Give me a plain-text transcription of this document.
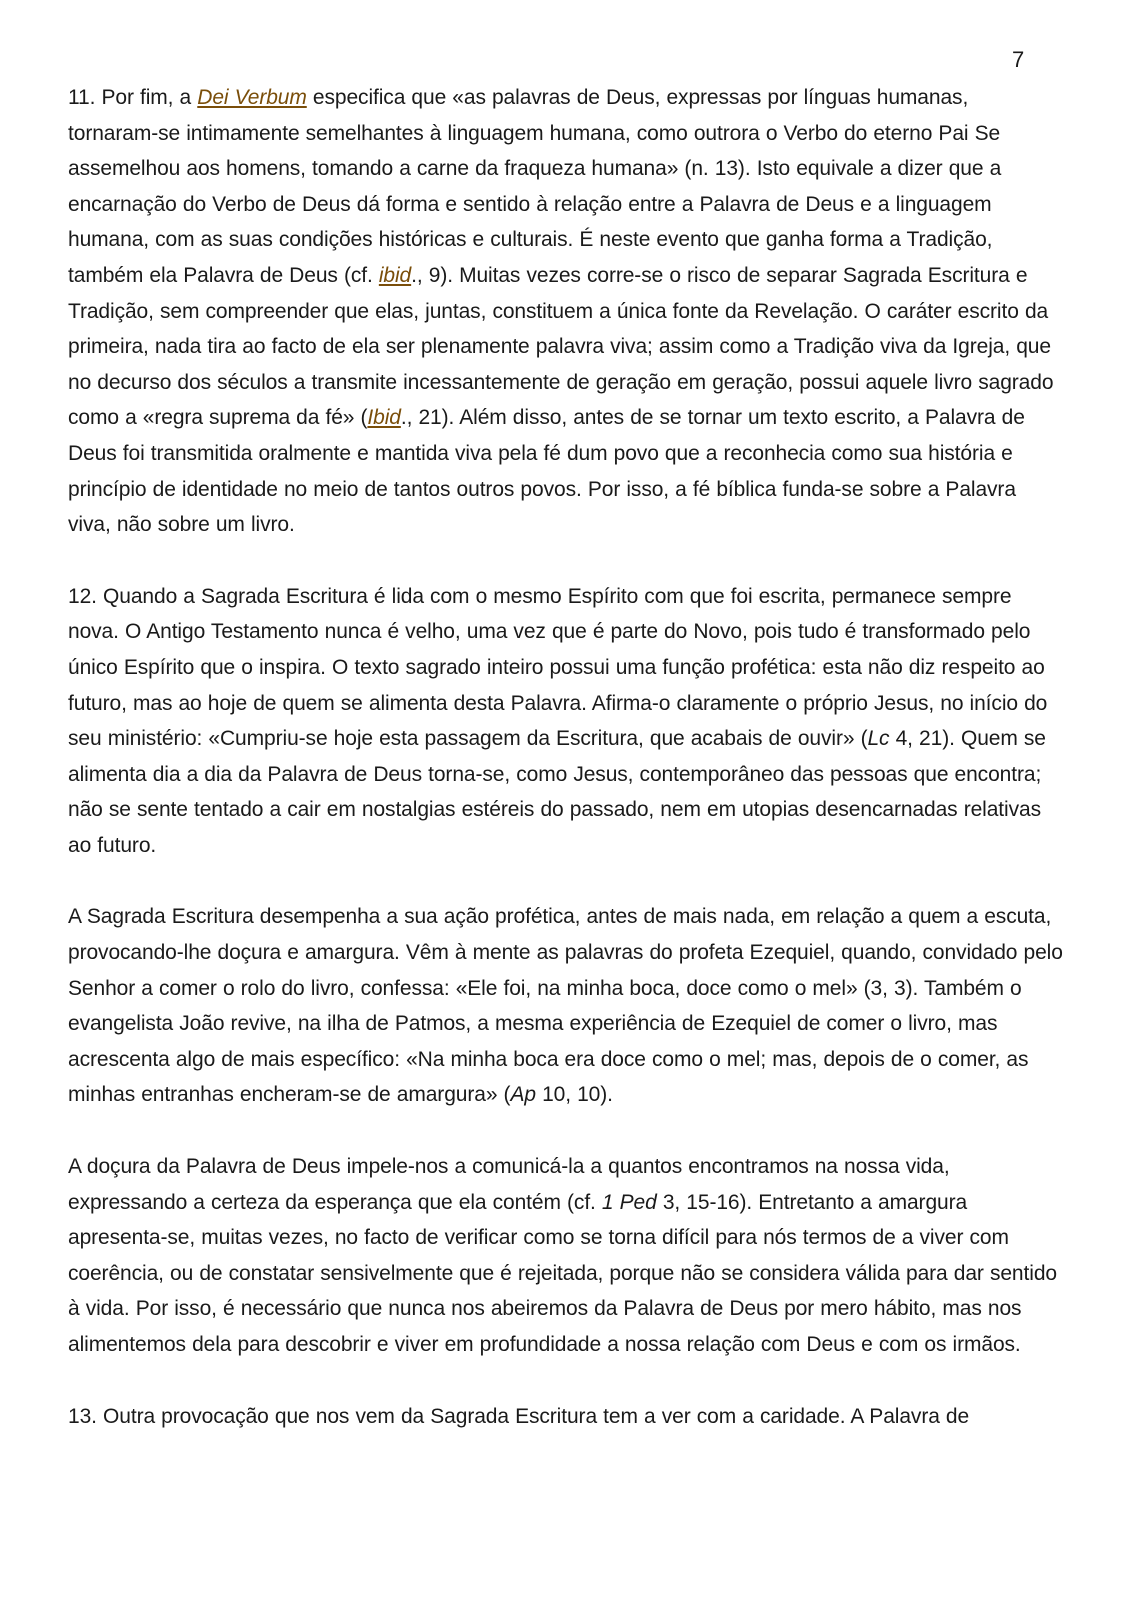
7

11. Por fim, a Dei Verbum especifica que «as palavras de Deus, expressas por línguas humanas, tornaram-se intimamente semelhantes à linguagem humana, como outrora o Verbo do eterno Pai Se assemelhou aos homens, tomando a carne da fraqueza humana» (n. 13). Isto equivale a dizer que a encarnação do Verbo de Deus dá forma e sentido à relação entre a Palavra de Deus e a linguagem humana, com as suas condições históricas e culturais. É neste evento que ganha forma a Tradição, também ela Palavra de Deus (cf. ibid., 9). Muitas vezes corre-se o risco de separar Sagrada Escritura e Tradição, sem compreender que elas, juntas, constituem a única fonte da Revelação. O caráter escrito da primeira, nada tira ao facto de ela ser plenamente palavra viva; assim como a Tradição viva da Igreja, que no decurso dos séculos a transmite incessantemente de geração em geração, possui aquele livro sagrado como a «regra suprema da fé» (Ibid., 21). Além disso, antes de se tornar um texto escrito, a Palavra de Deus foi transmitida oralmente e mantida viva pela fé dum povo que a reconhecia como sua história e princípio de identidade no meio de tantos outros povos. Por isso, a fé bíblica funda-se sobre a Palavra viva, não sobre um livro.

12. Quando a Sagrada Escritura é lida com o mesmo Espírito com que foi escrita, permanece sempre nova. O Antigo Testamento nunca é velho, uma vez que é parte do Novo, pois tudo é transformado pelo único Espírito que o inspira. O texto sagrado inteiro possui uma função profética: esta não diz respeito ao futuro, mas ao hoje de quem se alimenta desta Palavra. Afirma-o claramente o próprio Jesus, no início do seu ministério: «Cumpriu-se hoje esta passagem da Escritura, que acabais de ouvir» (Lc 4, 21). Quem se alimenta dia a dia da Palavra de Deus torna-se, como Jesus, contemporâneo das pessoas que encontra; não se sente tentado a cair em nostalgias estéreis do passado, nem em utopias desencarnadas relativas ao futuro.

A Sagrada Escritura desempenha a sua ação profética, antes de mais nada, em relação a quem a escuta, provocando-lhe doçura e amargura. Vêm à mente as palavras do profeta Ezequiel, quando, convidado pelo Senhor a comer o rolo do livro, confessa: «Ele foi, na minha boca, doce como o mel» (3, 3). Também o evangelista João revive, na ilha de Patmos, a mesma experiência de Ezequiel de comer o livro, mas acrescenta algo de mais específico: «Na minha boca era doce como o mel; mas, depois de o comer, as minhas entranhas encheram-se de amargura» (Ap 10, 10).

A doçura da Palavra de Deus impele-nos a comunicá-la a quantos encontramos na nossa vida, expressando a certeza da esperança que ela contém (cf. 1 Ped 3, 15-16). Entretanto a amargura apresenta-se, muitas vezes, no facto de verificar como se torna difícil para nós termos de a viver com coerência, ou de constatar sensivelmente que é rejeitada, porque não se considera válida para dar sentido à vida. Por isso, é necessário que nunca nos abeiremos da Palavra de Deus por mero hábito, mas nos alimentemos dela para descobrir e viver em profundidade a nossa relação com Deus e com os irmãos.

13. Outra provocação que nos vem da Sagrada Escritura tem a ver com a caridade. A Palavra de
